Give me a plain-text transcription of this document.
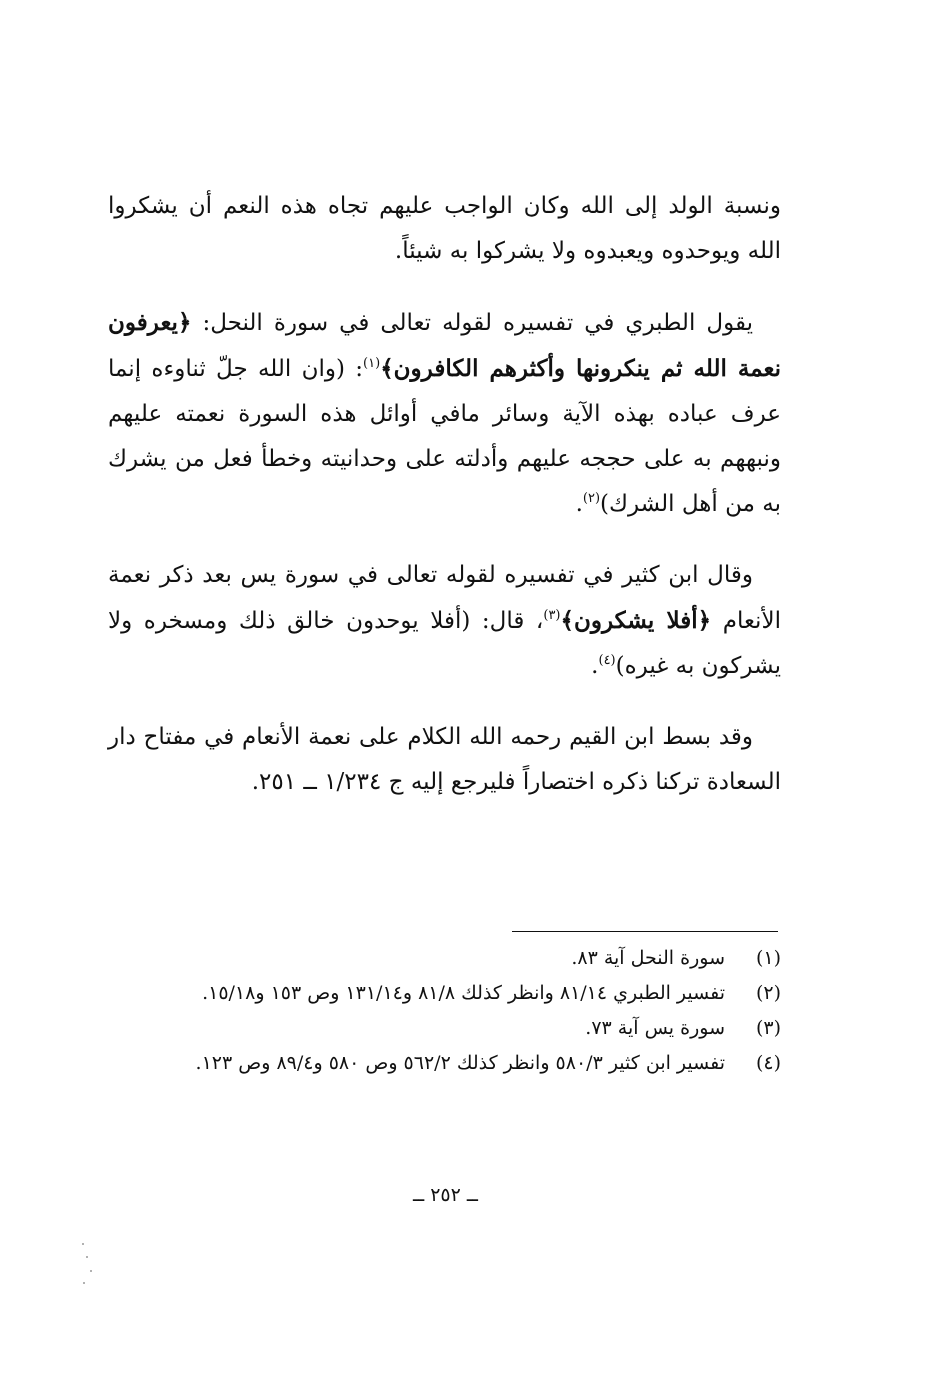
ونسبة الولد إلى الله وكان الواجب عليهم تجاه هذه النعم أن يشكروا الله ويوحدوه ويعبدوه ولا يشركوا به شيئاً.

يقول الطبري في تفسيره لقوله تعالى في سورة النحل: ﴿يعرفون نعمة الله ثم ينكرونها وأكثرهم الكافرون﴾$^{(١)}$: (وان الله جلّ ثناوءه إنما عرف عباده بهذه الآية وسائر مافي أوائل هذه السورة نعمته عليهم ونبههم به على حججه عليهم وأدلته على وحدانيته وخطأ فعل من يشرك به من أهل الشرك)$^{(٢)}$.

وقال ابن كثير في تفسيره لقوله تعالى في سورة يس بعد ذكر نعمة الأنعام ﴿أفلا يشكرون﴾$^{(٣)}$، قال: (أفلا يوحدون خالق ذلك ومسخره ولا يشركون به غيره)$^{(٤)}$.

وقد بسط ابن القيم رحمه الله الكلام على نعمة الأنعام في مفتاح دار السعادة تركنا ذكره اختصاراً فليرجع إليه ج ١/٢٣٤ ــ ٢٥١.

(١)
سورة النحل آية ٨٣.
(٢)
تفسير الطبري ٨١/١٤ وانظر كذلك ٨١/٨ و١٣١/١٤ وص ١٥٣ و١٥/١٨.
(٣)
سورة يس آية ٧٣.
(٤)
تفسير ابن كثير ٥٨٠/٣ وانظر كذلك ٥٦٢/٢ وص ٥٨٠ و٨٩/٤ وص ١٢٣.
ــ ٢٥٢ ــ
